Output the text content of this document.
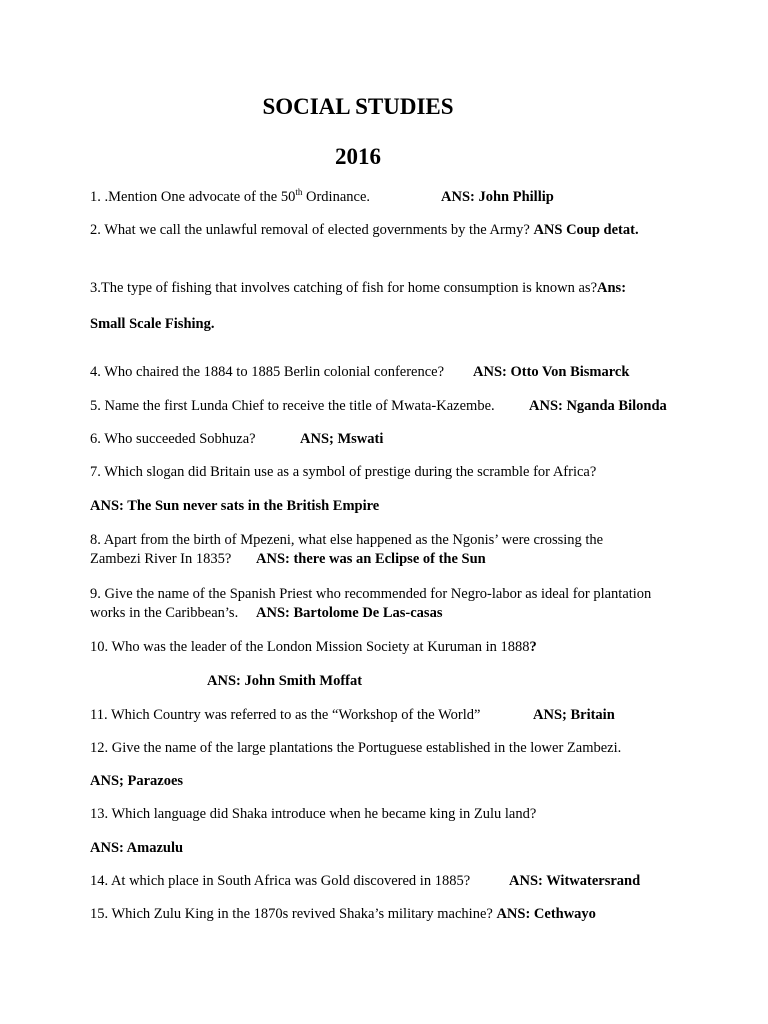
SOCIAL STUDIES
2016

1. .Mention One advocate of the 50th Ordinance.	ANS: John Phillip

2. What we call the unlawful removal of elected governments by the Army? ANS Coup detat.

3.The type of fishing that involves catching of fish for home consumption is known as?Ans:

Small Scale Fishing.

4. Who chaired the 1884 to 1885 Berlin colonial conference? ANS: Otto Von Bismarck

5. Name the first Lunda Chief to receive the title of Mwata-Kazembe. ANS: Nganda Bilonda

6. Who succeeded Sobhuza?	ANS; Mswati

7. Which slogan did Britain use as a symbol of prestige during the scramble for Africa?

ANS: The Sun never sats in the British Empire

8. Apart from the birth of Mpezeni, what else happened as the Ngonis’ were crossing the

Zambezi River In 1835? ANS: there was an Eclipse of the Sun

9. Give the name of the Spanish Priest who recommended for Negro-labor as ideal for plantation

works in the Caribbean’s. ANS: Bartolome De Las-casas

10. Who was the leader of the London Mission Society at Kuruman in 1888?

ANS: John Smith Moffat

11. Which Country was referred to as the “Workshop of the World”	ANS; Britain

12. Give the name of the large plantations the Portuguese established in the lower Zambezi.

ANS; Parazoes

13. Which language did Shaka introduce when he became king in Zulu land?

ANS: Amazulu

14. At which place in South Africa was Gold discovered in 1885?	ANS: Witwatersrand

15. Which Zulu King in the 1870s revived Shaka’s military machine? ANS: Cethwayo
